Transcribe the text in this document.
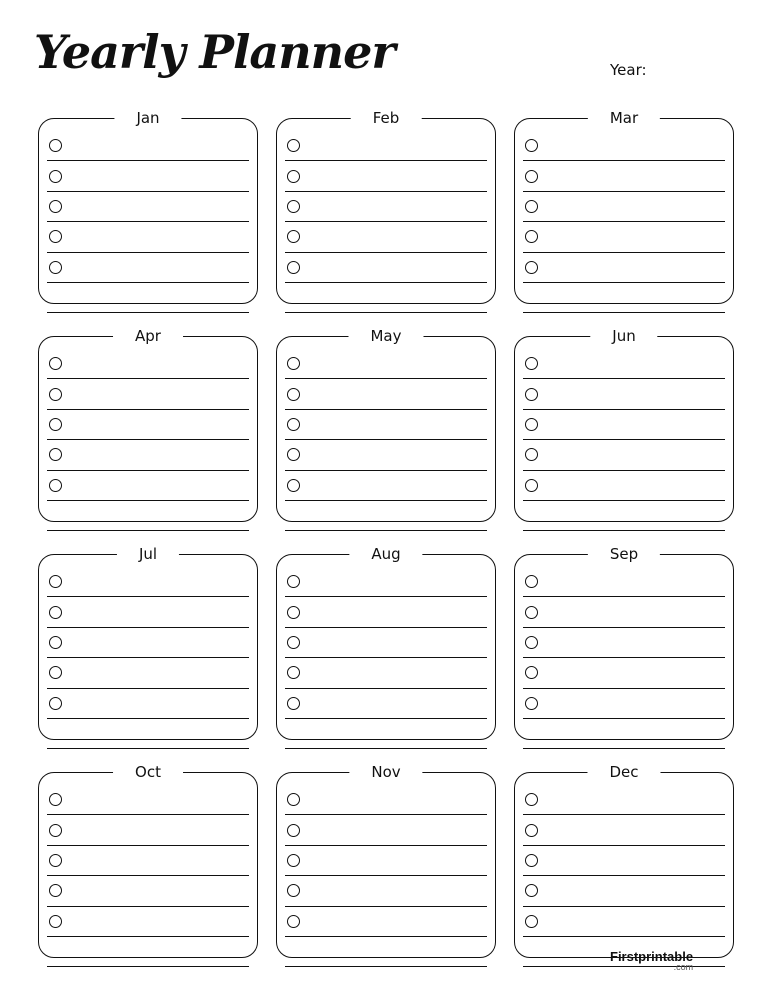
Yearly Planner	Year:
Jan	Feb	Mar
Apr	May	Jun
Jul	Aug	Sep
Oct	Nov	Dec
Firstprintable
.com
